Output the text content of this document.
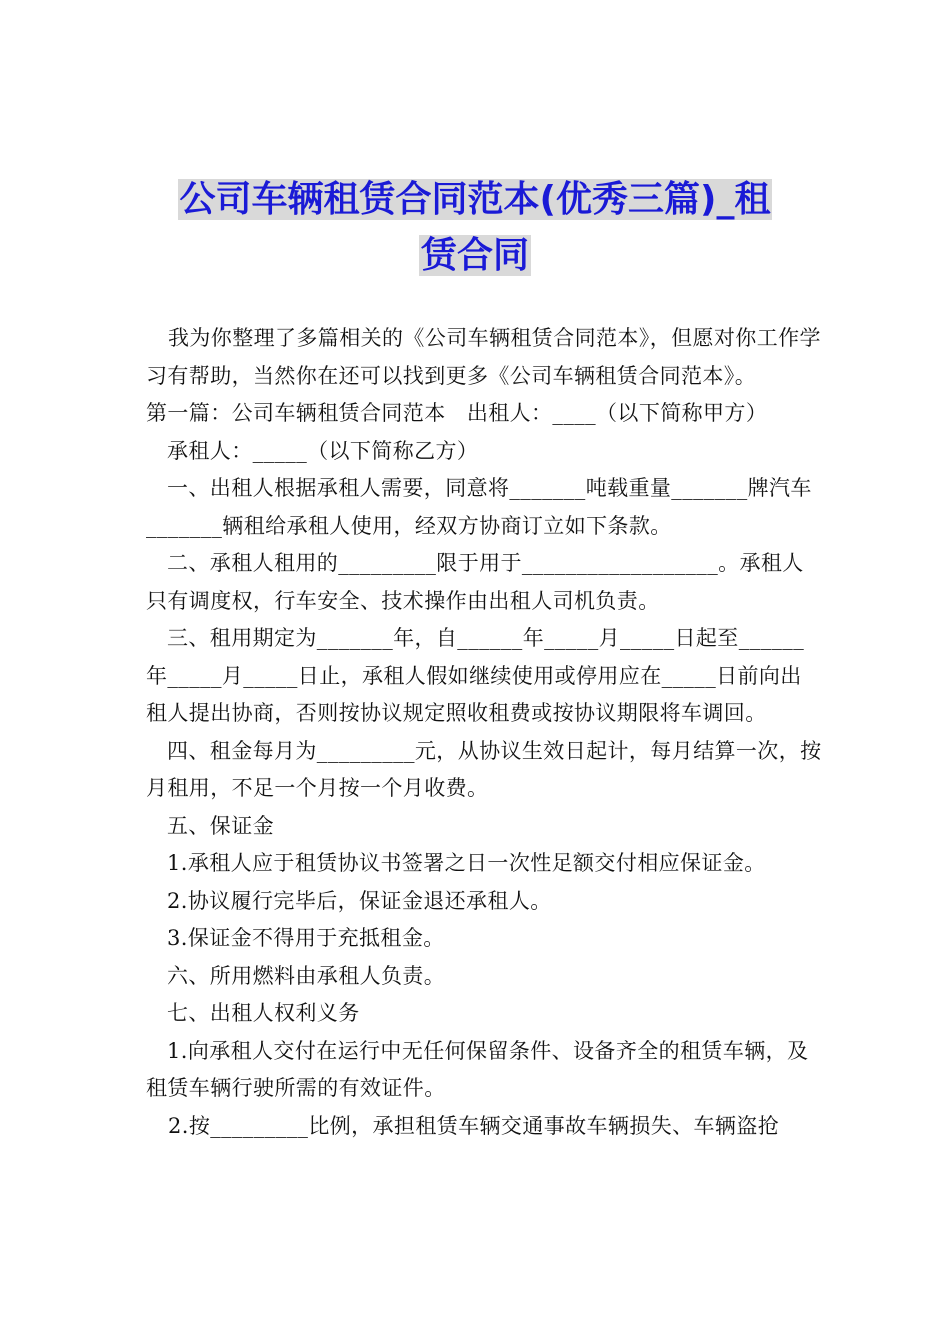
公司车辆租赁合同范本(优秀三篇)_租
赁合同

我为你整理了多篇相关的《公司车辆租赁合同范本》，但愿对你工作学习有帮助，当然你在还可以找到更多《公司车辆租赁合同范本》。

第一篇：公司车辆租赁合同范本   出租人：____（以下简称甲方）

承租人：_____（以下简称乙方）

一、出租人根据承租人需要，同意将_______吨载重量_______牌汽车_______辆租给承租人使用，经双方协商订立如下条款。

二、承租人租用的_________限于用于__________________。承租人只有调度权，行车安全、技术操作由出租人司机负责。

三、租用期定为_______年，自______年_____月_____日起至______年_____月_____日止，承租人假如继续使用或停用应在_____日前向出租人提出协商，否则按协议规定照收租费或按协议期限将车调回。

四、租金每月为_________元，从协议生效日起计，每月结算一次，按月租用，不足一个月按一个月收费。

五、保证金

1.承租人应于租赁协议书签署之日一次性足额交付相应保证金。

2.协议履行完毕后，保证金退还承租人。

3.保证金不得用于充抵租金。

六、所用燃料由承租人负责。

七、出租人权利义务

1.向承租人交付在运行中无任何保留条件、设备齐全的租赁车辆，及租赁车辆行驶所需的有效证件。

2.按_________比例，承担租赁车辆交通事故车辆损失、车辆盗抢
